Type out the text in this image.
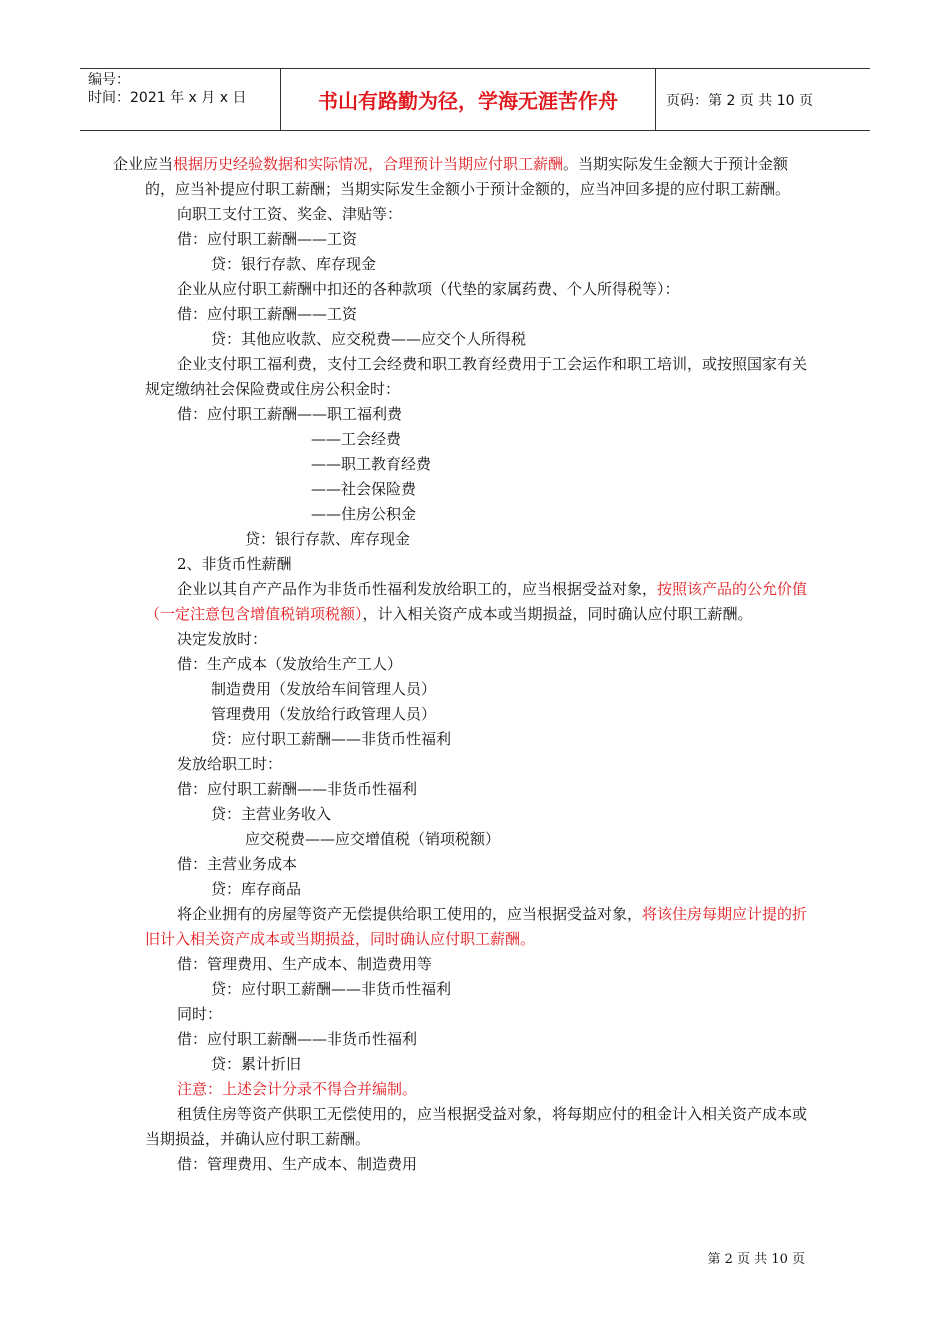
编号：
时间：2021 年 x 月 x 日	书山有路勤为径，学海无涯苦作舟	页码：第 2 页 共 10 页

企业应当根据历史经验数据和实际情况，合理预计当期应付职工薪酬。当期实际发生金额大于预计金额的，应当补提应付职工薪酬；当期实际发生金额小于预计金额的，应当冲回多提的应付职工薪酬。

向职工支付工资、奖金、津贴等：

借：应付职工薪酬——工资

贷：银行存款、库存现金

企业从应付职工薪酬中扣还的各种款项（代垫的家属药费、个人所得税等）：

借：应付职工薪酬——工资

贷：其他应收款、应交税费——应交个人所得税

企业支付职工福利费，支付工会经费和职工教育经费用于工会运作和职工培训，或按照国家有关规定缴纳社会保险费或住房公积金时：

借：应付职工薪酬——职工福利费

——工会经费

——职工教育经费

——社会保险费

——住房公积金

贷：银行存款、库存现金

2、非货币性薪酬

企业以其自产产品作为非货币性福利发放给职工的，应当根据受益对象，按照该产品的公允价值（一定注意包含增值税销项税额），计入相关资产成本或当期损益，同时确认应付职工薪酬。

决定发放时：

借：生产成本（发放给生产工人）

制造费用（发放给车间管理人员）

管理费用（发放给行政管理人员）

贷：应付职工薪酬——非货币性福利

发放给职工时：

借：应付职工薪酬——非货币性福利

贷：主营业务收入

应交税费——应交增值税（销项税额）

借：主营业务成本

贷：库存商品

将企业拥有的房屋等资产无偿提供给职工使用的，应当根据受益对象，将该住房每期应计提的折旧计入相关资产成本或当期损益，同时确认应付职工薪酬。

借：管理费用、生产成本、制造费用等

贷：应付职工薪酬——非货币性福利

同时：

借：应付职工薪酬——非货币性福利

贷：累计折旧

注意：上述会计分录不得合并编制。

租赁住房等资产供职工无偿使用的，应当根据受益对象，将每期应付的租金计入相关资产成本或当期损益，并确认应付职工薪酬。

借：管理费用、生产成本、制造费用

第 2 页 共 10 页
